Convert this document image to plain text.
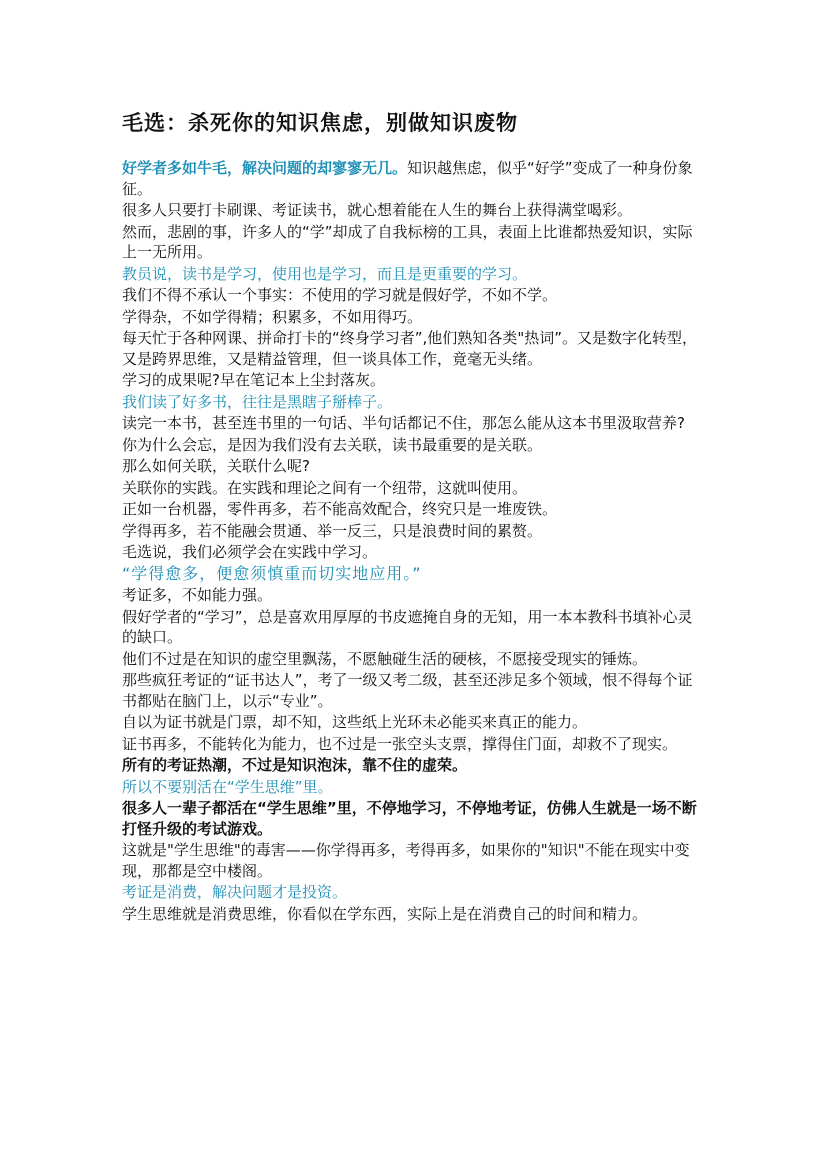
毛选：杀死你的知识焦虑，别做知识废物

好学者多如牛毛，解决问题的却寥寥无几。知识越焦虑，似乎“好学”变成了一种身份象征。

很多人只要打卡刷课、考证读书，就心想着能在人生的舞台上获得满堂喝彩。

然而，悲剧的事，许多人的“学”却成了自我标榜的工具，表面上比谁都热爱知识，实际上一无所用。

教员说，读书是学习，使用也是学习，而且是更重要的学习。

我们不得不承认一个事实：不使用的学习就是假好学，不如不学。

学得杂，不如学得精；积累多，不如用得巧。

每天忙于各种网课、拼命打卡的“终身学习者”,他们熟知各类"热词”。又是数字化转型，又是跨界思维，又是精益管理，但一谈具体工作，竟毫无头绪。

学习的成果呢?早在笔记本上尘封落灰。

我们读了好多书，往往是黑瞎子掰棒子。

读完一本书，甚至连书里的一句话、半句话都记不住，那怎么能从这本书里汲取营养?

你为什么会忘，是因为我们没有去关联，读书最重要的是关联。

那么如何关联，关联什么呢?

关联你的实践。在实践和理论之间有一个纽带，这就叫使用。

正如一台机器，零件再多，若不能高效配合，终究只是一堆废铁。

学得再多，若不能融会贯通、举一反三，只是浪费时间的累赘。

毛选说，我们必须学会在实践中学习。

“学得愈多，便愈须慎重而切实地应用。”

考证多，不如能力强。

假好学者的“学习”，总是喜欢用厚厚的书皮遮掩自身的无知，用一本本教科书填补心灵的缺口。

他们不过是在知识的虚空里飘荡，不愿触碰生活的硬核，不愿接受现实的锤炼。

那些疯狂考证的“证书达人”，考了一级又考二级，甚至还涉足多个领域，恨不得每个证书都贴在脑门上，以示“专业”。

自以为证书就是门票，却不知，这些纸上光环未必能买来真正的能力。

证书再多，不能转化为能力，也不过是一张空头支票，撑得住门面，却救不了现实。

所有的考证热潮，不过是知识泡沫，靠不住的虚荣。

所以不要别活在“学生思维”里。

很多人一辈子都活在“学生思维”里，不停地学习，不停地考证，仿佛人生就是一场不断打怪升级的考试游戏。

这就是"学生思维"的毒害——你学得再多，考得再多，如果你的"知识"不能在现实中变现，那都是空中楼阁。

考证是消费，解决问题才是投资。

学生思维就是消费思维，你看似在学东西，实际上是在消费自己的时间和精力。
